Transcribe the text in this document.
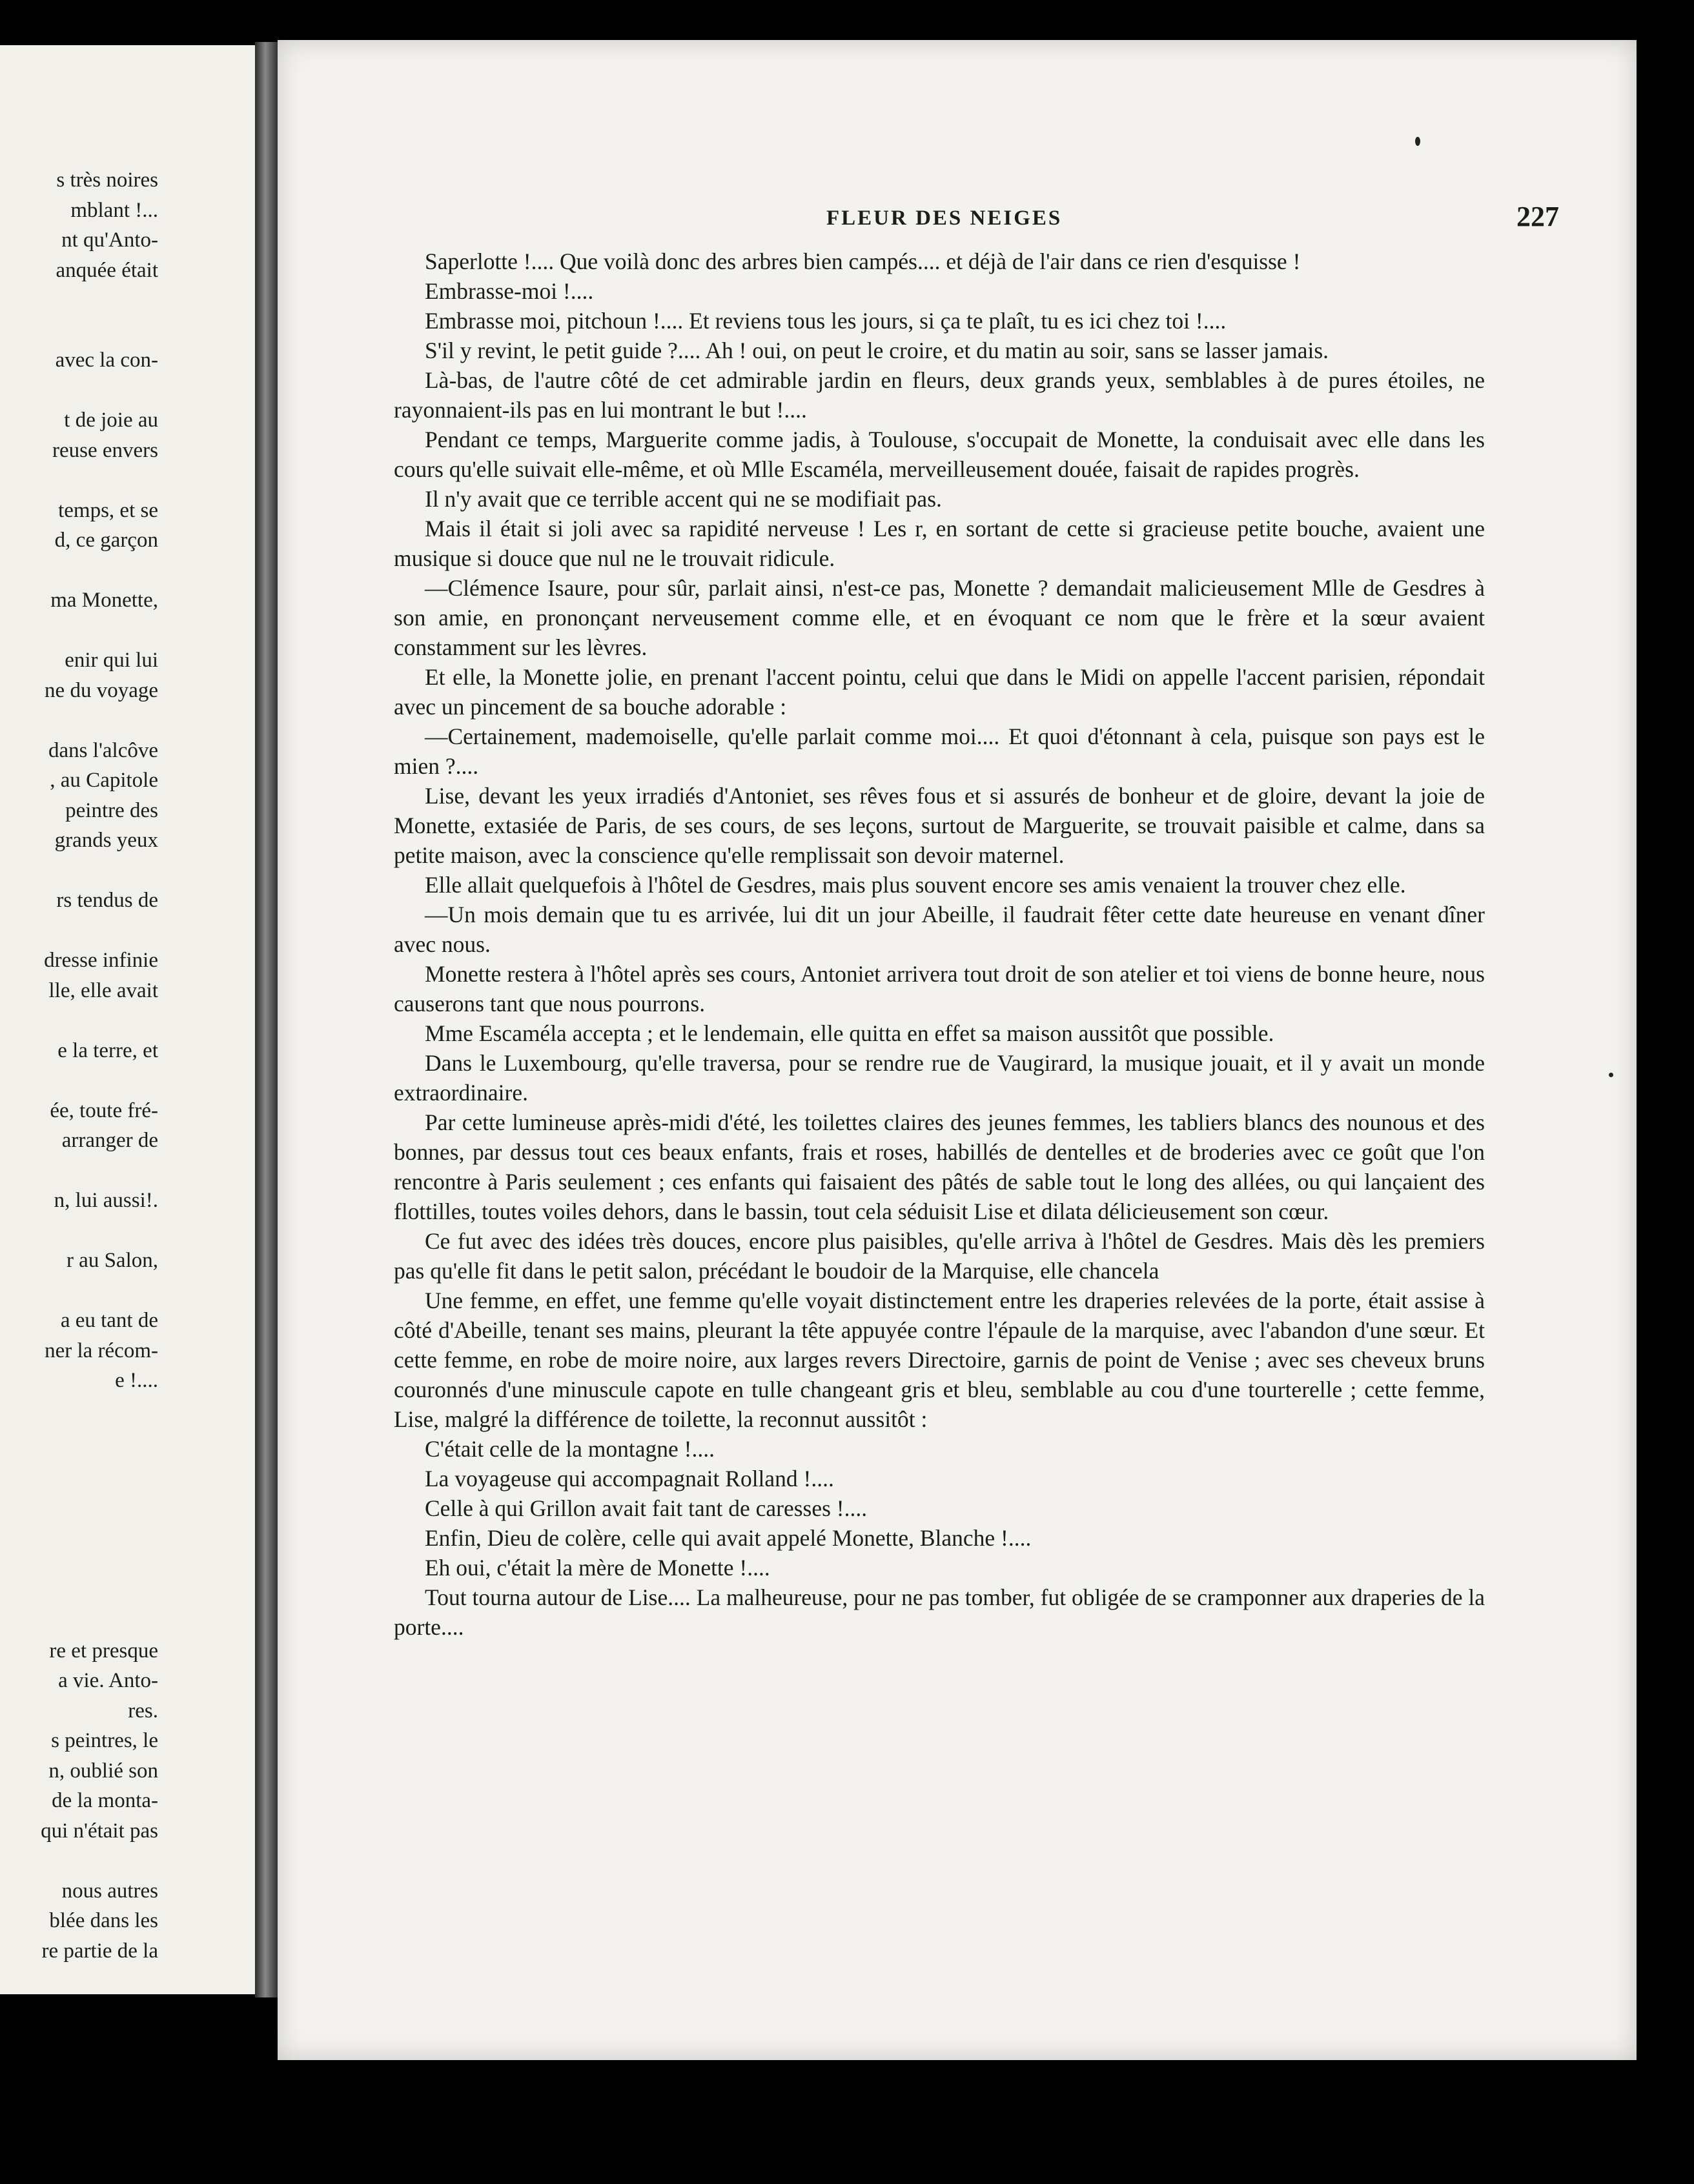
s très noires
mblant !...
nt qu'Anto-
anquée était
avec la con-
t de joie au
reuse envers
temps, et se
d, ce garçon
ma Monette,
enir qui lui
ne du voyage
dans l'alcôve
, au Capitole
peintre des
grands yeux
rs tendus de
dresse infinie
lle, elle avait
e la terre, et
ée, toute fré-
arranger de
n, lui aussi!.
r au Salon,
a eu tant de
ner la récom-
e !....
re et presque
a vie. Anto-
res.
s peintres, le
n, oublié son
de la monta-
qui n'était pas
nous autres
blée dans les
re partie de la
FLEUR DES NEIGES	227

Saperlotte !.... Que voilà donc des arbres bien campés.... et déjà de l'air dans ce rien d'esquisse !

Embrasse-moi !....

Embrasse moi, pitchoun !.... Et reviens tous les jours, si ça te plaît, tu es ici chez toi !....

S'il y revint, le petit guide ?.... Ah ! oui, on peut le croire, et du matin au soir, sans se lasser jamais.

Là-bas, de l'autre côté de cet admirable jardin en fleurs, deux grands yeux, semblables à de pures étoiles, ne rayonnaient-ils pas en lui montrant le but !....

Pendant ce temps, Marguerite comme jadis, à Toulouse, s'occupait de Monette, la conduisait avec elle dans les cours qu'elle suivait elle-même, et où Mlle Escaméla, merveilleusement douée, faisait de rapides progrès.

Il n'y avait que ce terrible accent qui ne se modifiait pas.

Mais il était si joli avec sa rapidité nerveuse ! Les r, en sortant de cette si gracieuse petite bouche, avaient une musique si douce que nul ne le trouvait ridicule.

—Clémence Isaure, pour sûr, parlait ainsi, n'est-ce pas, Monette ? demandait malicieusement Mlle de Gesdres à son amie, en prononçant nerveusement comme elle, et en évoquant ce nom que le frère et la sœur avaient constamment sur les lèvres.

Et elle, la Monette jolie, en prenant l'accent pointu, celui que dans le Midi on appelle l'accent parisien, répondait avec un pincement de sa bouche adorable :

—Certainement, mademoiselle, qu'elle parlait comme moi.... Et quoi d'étonnant à cela, puisque son pays est le mien ?....

Lise, devant les yeux irradiés d'Antoniet, ses rêves fous et si assurés de bonheur et de gloire, devant la joie de Monette, extasiée de Paris, de ses cours, de ses leçons, surtout de Marguerite, se trouvait paisible et calme, dans sa petite maison, avec la conscience qu'elle remplissait son devoir maternel.

Elle allait quelquefois à l'hôtel de Gesdres, mais plus souvent encore ses amis venaient la trouver chez elle.

—Un mois demain que tu es arrivée, lui dit un jour Abeille, il faudrait fêter cette date heureuse en venant dîner avec nous.

Monette restera à l'hôtel après ses cours, Antoniet arrivera tout droit de son atelier et toi viens de bonne heure, nous causerons tant que nous pourrons.

Mme Escaméla accepta ; et le lendemain, elle quitta en effet sa maison aussitôt que possible.

Dans le Luxembourg, qu'elle traversa, pour se rendre rue de Vaugirard, la musique jouait, et il y avait un monde extraordinaire.

Par cette lumineuse après-midi d'été, les toilettes claires des jeunes femmes, les tabliers blancs des nounous et des bonnes, par dessus tout ces beaux enfants, frais et roses, habillés de dentelles et de broderies avec ce goût que l'on rencontre à Paris seulement ; ces enfants qui faisaient des pâtés de sable tout le long des allées, ou qui lançaient des flottilles, toutes voiles dehors, dans le bassin, tout cela séduisit Lise et dilata délicieusement son cœur.

Ce fut avec des idées très douces, encore plus paisibles, qu'elle arriva à l'hôtel de Gesdres. Mais dès les premiers pas qu'elle fit dans le petit salon, précédant le boudoir de la Marquise, elle chancela

Une femme, en effet, une femme qu'elle voyait distinctement entre les draperies relevées de la porte, était assise à côté d'Abeille, tenant ses mains, pleurant la tête appuyée contre l'épaule de la marquise, avec l'abandon d'une sœur. Et cette femme, en robe de moire noire, aux larges revers Directoire, garnis de point de Venise ; avec ses cheveux bruns couronnés d'une minuscule capote en tulle changeant gris et bleu, semblable au cou d'une tourterelle ; cette femme, Lise, malgré la différence de toilette, la reconnut aussitôt :

C'était celle de la montagne !....

La voyageuse qui accompagnait Rolland !....

Celle à qui Grillon avait fait tant de caresses !....

Enfin, Dieu de colère, celle qui avait appelé Monette, Blanche !....

Eh oui, c'était la mère de Monette !....

Tout tourna autour de Lise.... La malheureuse, pour ne pas tomber, fut obligée de se cramponner aux draperies de la porte....
